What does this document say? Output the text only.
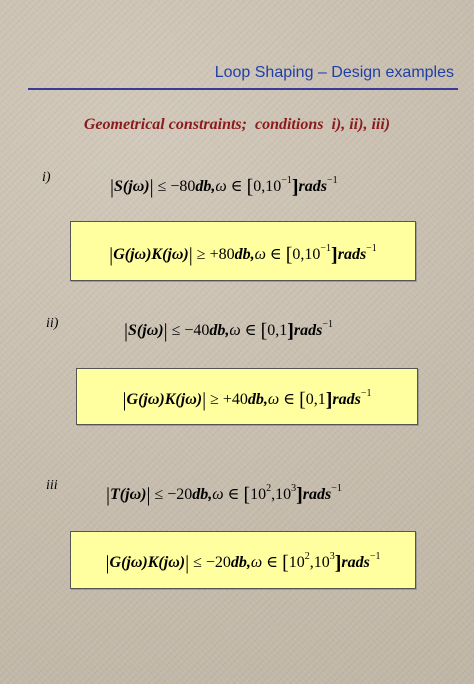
Loop Shaping – Design examples
Geometrical constraints;  conditions  i), ii), iii)
i)	|S(jω)| ≤ −80db,ω ∈ $[0,10^{-1}]rads^{-1}$
|G(jω)K(jω)| ≥ +80db,ω ∈ $[0,10^{-1}]rads^{-1}$
ii)	|S(jω)| ≤ −40db,ω ∈ [0,1]rads$^{-1}$
|G(jω)K(jω)| ≥ +40db,ω ∈ [0,1]rads$^{-1}$
iii |T(jω)| ≤ −20db,ω ∈ $[10^2,10^3]rads^{-1}$
|G(jω)K(jω)| ≤ −20db,ω ∈ $[10^2,10^3]rads^{-1}$
